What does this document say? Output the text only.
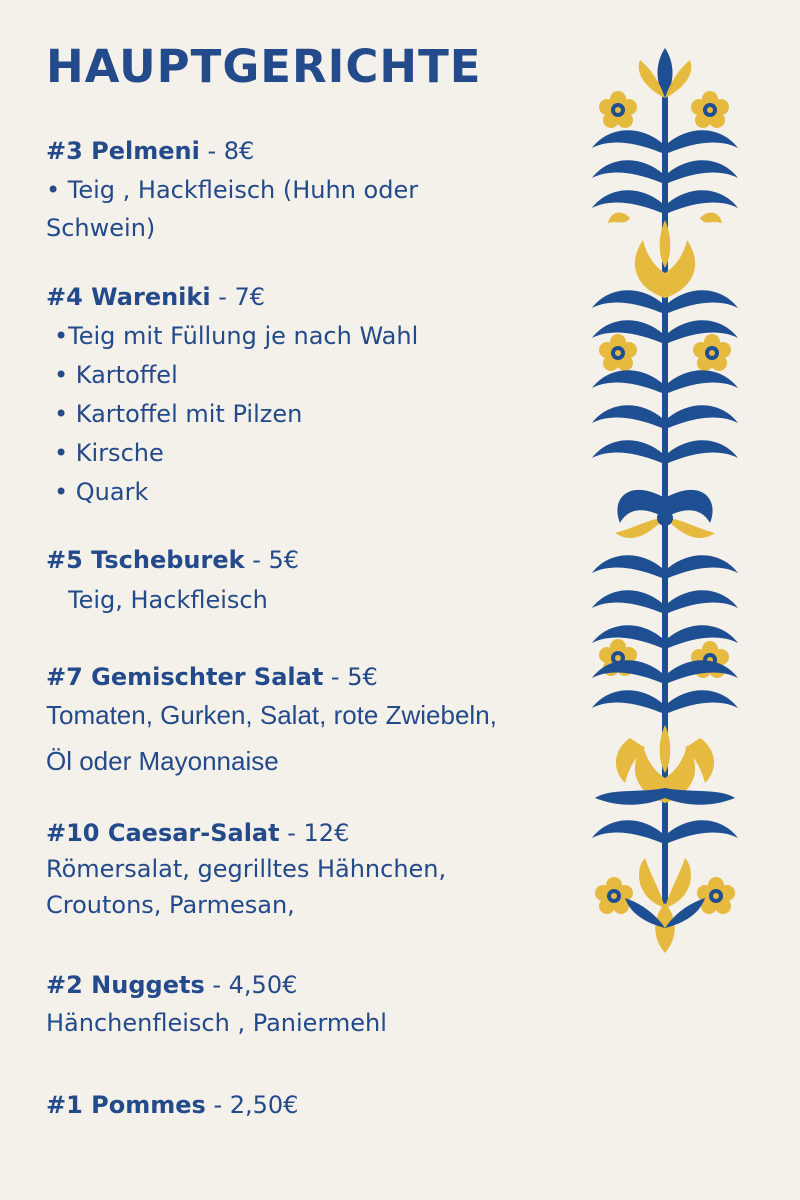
HAUPTGERICHTE
#3 Pelmeni - 8€
• Teig , Hackfleisch (Huhn oder Schwein)
#4 Wareniki - 7€
•Teig mit Füllung je nach Wahl
• Kartoffel
• Kartoffel mit Pilzen
• Kirsche
• Quark
#5 Tscheburek - 5€
Teig, Hackfleisch
#7 Gemischter Salat - 5€
Tomaten, Gurken, Salat, rote Zwiebeln, Öl oder Mayonnaise
#10 Caesar-Salat - 12€
Römersalat, gegrilltes Hähnchen, Croutons, Parmesan,
#2 Nuggets - 4,50€
Hänchenfleisch , Paniermehl
#1 Pommes - 2,50€
